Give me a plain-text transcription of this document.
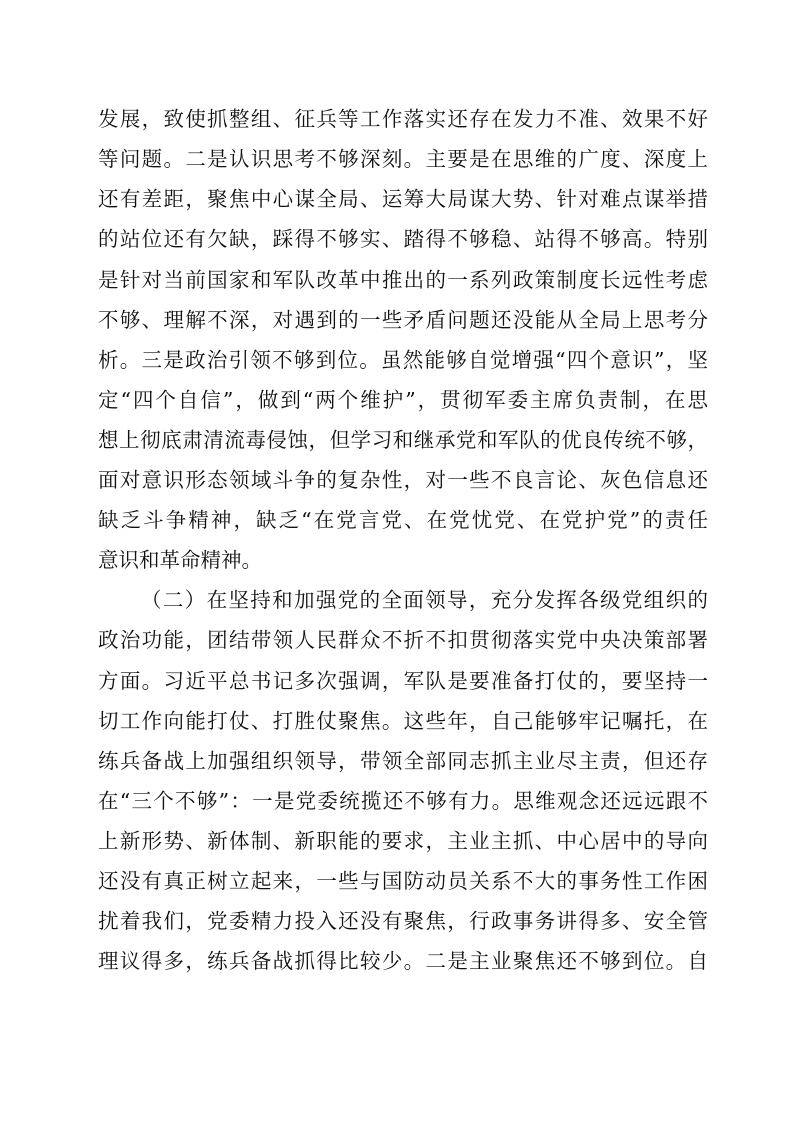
发展，致使抓整组、征兵等工作落实还存在发力不准、效果不好
等问题。二是认识思考不够深刻。主要是在思维的广度、深度上
还有差距，聚焦中心谋全局、运筹大局谋大势、针对难点谋举措
的站位还有欠缺，踩得不够实、踏得不够稳、站得不够高。特别
是针对当前国家和军队改革中推出的一系列政策制度长远性考虑
不够、理解不深，对遇到的一些矛盾问题还没能从全局上思考分
析。三是政治引领不够到位。虽然能够自觉增强“四个意识”，坚
定“四个自信”，做到“两个维护”，贯彻军委主席负责制，在思
想上彻底肃清流毒侵蚀，但学习和继承党和军队的优良传统不够，
面对意识形态领域斗争的复杂性，对一些不良言论、灰色信息还
缺乏斗争精神，缺乏“在党言党、在党忧党、在党护党”的责任
意识和革命精神。
（二）在坚持和加强党的全面领导，充分发挥各级党组织的
政治功能，团结带领人民群众不折不扣贯彻落实党中央决策部署
方面。习近平总书记多次强调，军队是要准备打仗的，要坚持一
切工作向能打仗、打胜仗聚焦。这些年，自己能够牢记嘱托，在
练兵备战上加强组织领导，带领全部同志抓主业尽主责，但还存
在“三个不够”：一是党委统揽还不够有力。思维观念还远远跟不
上新形势、新体制、新职能的要求，主业主抓、中心居中的导向
还没有真正树立起来，一些与国防动员关系不大的事务性工作困
扰着我们，党委精力投入还没有聚焦，行政事务讲得多、安全管
理议得多，练兵备战抓得比较少。二是主业聚焦还不够到位。自
